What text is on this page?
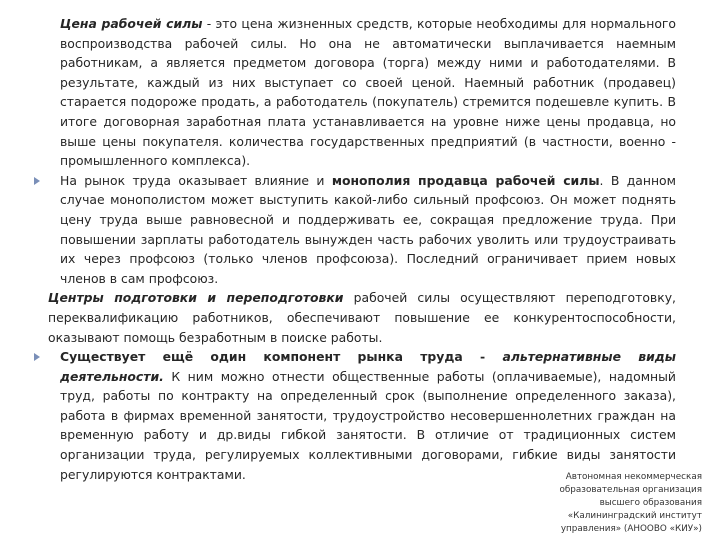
Цена рабочей силы - это цена жизненных средств, которые необходимы для нормального воспроизводства рабочей силы. Но она не автоматически выплачивается наемным работникам, а является предметом договора (торга) между ними и работодателями. В результате, каждый из них выступает со своей ценой. Наемный работник (продавец) старается подороже продать, а работодатель (покупатель) стремится подешевле купить. В итоге договорная заработная плата устанавливается на уровне ниже цены продавца, но выше цены покупателя. количества государственных предприятий (в частности, военно - промышленного комплекса).

На рынок труда оказывает влияние и монополия продавца рабочей силы. В данном случае монополистом может выступить какой-либо сильный профсоюз. Он может поднять цену труда выше равновесной и поддерживать ее, сокращая предложение труда. При повышении зарплаты работодатель вынужден часть рабочих уволить или трудоустраивать их через профсоюз (только членов профсоюза). Последний ограничивает прием новых членов в сам профсоюз.

Центры подготовки и переподготовки рабочей силы осуществляют переподготовку, переквалификацию работников, обеспечивают повышение ее конкурентоспособности, оказывают помощь безработным в поиске работы.

Существует ещё один компонент рынка труда - альтернативные виды деятельности. К ним можно отнести общественные работы (оплачиваемые), надомный труд, работы по контракту на определенный срок (выполнение определенного заказа), работа в фирмах временной занятости, трудоустройство несовершеннолетних граждан на временную работу и др.виды гибкой занятости. В отличие от традиционных систем организации труда, регулируемых коллективными договорами, гибкие виды занятости регулируются контрактами.	Автономная некоммерческая
образовательная организация
высшего образования
«Калининградский институт
управления» (АНООВО «КИУ»)
